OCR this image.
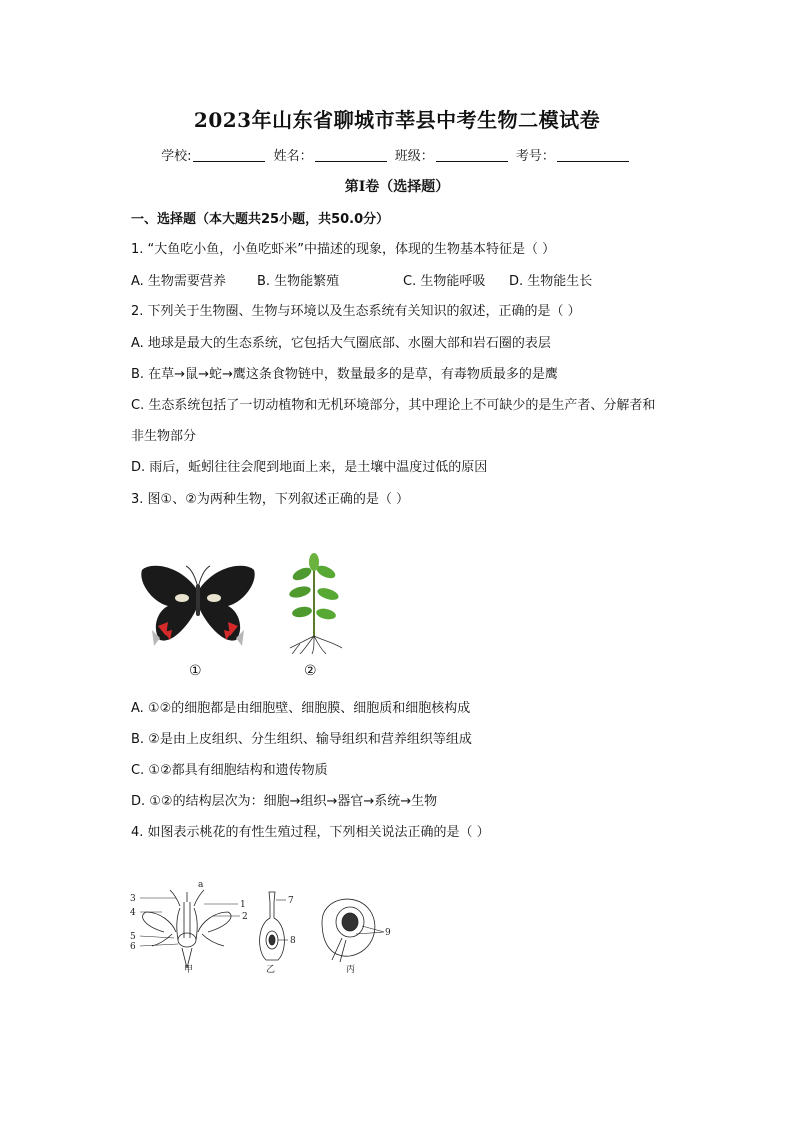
2023年山东省聊城市莘县中考生物二模试卷
学校:	姓名：	班级：	考号：
第I卷（选择题）
一、选择题（本大题共25小题，共50.0分）
1. “大鱼吃小鱼，小鱼吃虾米”中描述的现象，体现的生物基本特征是（ ）
A. 生物需要营养 B. 生物能繁殖	C. 生物能呼吸 D. 生物能生长
2. 下列关于生物圈、生物与环境以及生态系统有关知识的叙述，正确的是（ ）
A. 地球是最大的生态系统，它包括大气圈底部、水圈大部和岩石圈的表层
B. 在草→鼠→蛇→鹰这条食物链中，数量最多的是草，有毒物质最多的是鹰
C. 生态系统包括了一切动植物和无机环境部分，其中理论上不可缺少的是生产者、分解者和
非生物部分
D. 雨后，蚯蚓往往会爬到地面上来，是土壤中温度过低的原因
3. 图①、②为两种生物，下列叙述正确的是（ ）
①	②
A. ①②的细胞都是由细胞壁、细胞膜、细胞质和细胞核构成
B. ②是由上皮组织、分生组织、输导组织和营养组织等组成
C. ①②都具有细胞结构和遗传物质
D. ①②的结构层次为：细胞→组织→器官→系统→生物
4. 如图表示桃花的有性生殖过程，下列相关说法正确的是（ ）
3
4
5
6
1
2
a
甲
7
8
乙
9
丙
